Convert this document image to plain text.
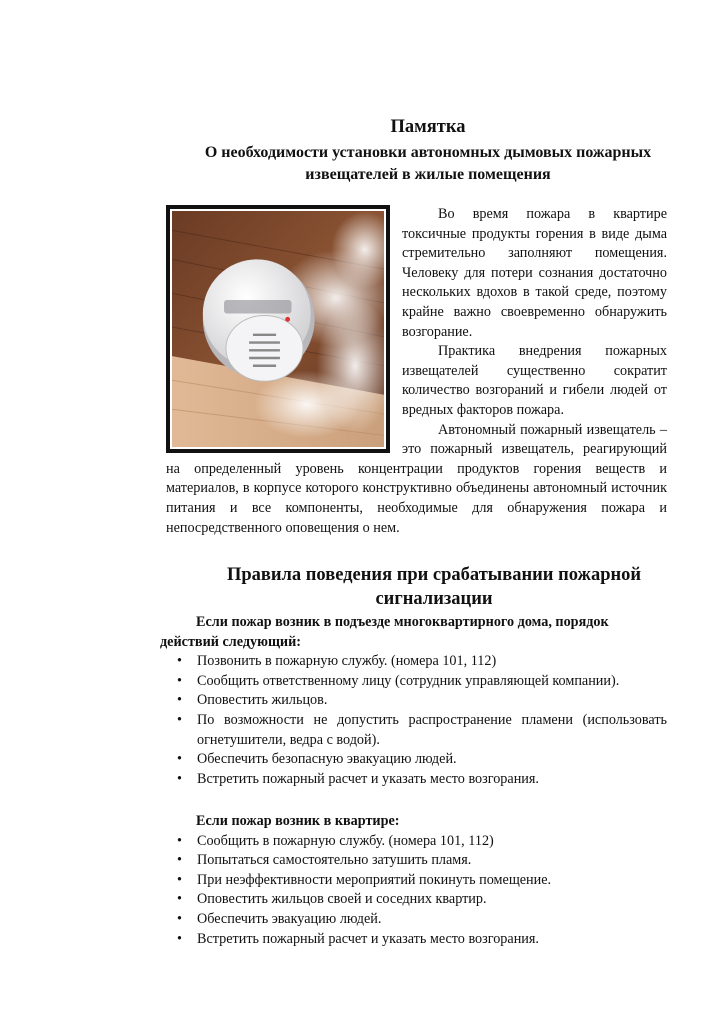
Памятка
О необходимости установки автономных дымовых пожарных
извещателей в жилые помещения

Во время пожара в квартире токсичные продукты горения в виде дыма стремительно заполняют помещения. Человеку для потери сознания достаточно нескольких вдохов в такой среде, поэтому крайне важно своевременно обнаружить возгорание.

Практика внедрения пожарных извещателей существенно сократит количество возгораний и гибели людей от вредных факторов пожара.

Автономный пожарный извещатель – это пожарный извещатель, реагирующий на определенный уровень концентрации продуктов горения веществ и материалов, в корпусе которого конструктивно объединены автономный источник питания и все компоненты, необходимые для обнаружения пожара и непосредственного оповещения о нем.

Правила поведения при срабатывании пожарной
сигнализации

Если пожар возник в подъезде многоквартирного дома, порядок действий следующий:

• Позвонить в пожарную службу. (номера 101, 112)
• Сообщить ответственному лицу (сотрудник управляющей компании).
• Оповестить жильцов.
• По возможности не допустить распространение пламени (использовать огнетушители, ведра с водой).
• Обеспечить безопасную эвакуацию людей.
• Встретить пожарный расчет и указать место возгорания.

Если пожар возник в квартире:

• Сообщить в пожарную службу. (номера 101, 112)
• Попытаться самостоятельно затушить пламя.
• При неэффективности мероприятий покинуть помещение.
• Оповестить жильцов своей и соседних квартир.
• Обеспечить эвакуацию людей.
• Встретить пожарный расчет и указать место возгорания.
